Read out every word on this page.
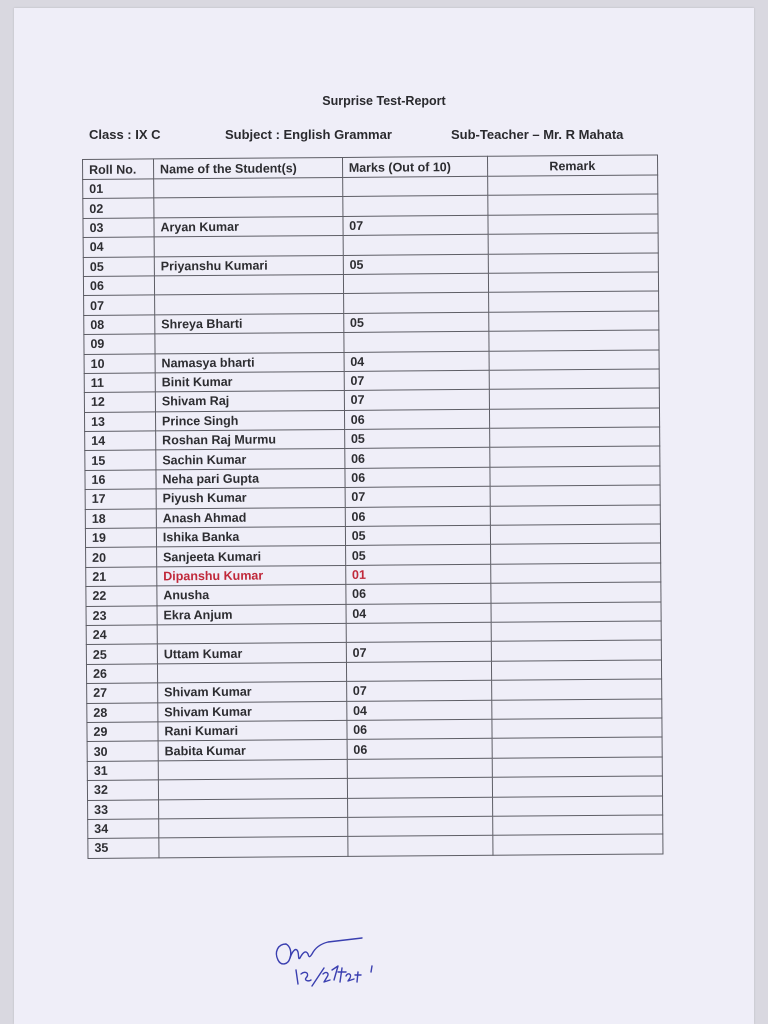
Surprise Test-Report
Class : IX C	Subject : English Grammar	Sub-Teacher – Mr. R Mahata
Roll No.	Name of the Student(s)	Marks (Out of 10)	Remark
01			
02			
03	Aryan Kumar	07	
04			
05	Priyanshu Kumari	05	
06			
07			
08	Shreya Bharti	05	
09			
10	Namasya bharti	04	
11	Binit Kumar	07	
12	Shivam Raj	07	
13	Prince Singh	06	
14	Roshan Raj Murmu	05	
15	Sachin Kumar	06	
16	Neha pari Gupta	06	
17	Piyush Kumar	07	
18	Anash Ahmad	06	
19	Ishika Banka	05	
20	Sanjeeta Kumari	05	
21	Dipanshu Kumar	01	
22	Anusha	06	
23	Ekra Anjum	04	
24			
25	Uttam Kumar	07	
26			
27	Shivam Kumar	07	
28	Shivam Kumar	04	
29	Rani Kumari	06	
30	Babita Kumar	06	
31			
32			
33			
34			
35			
